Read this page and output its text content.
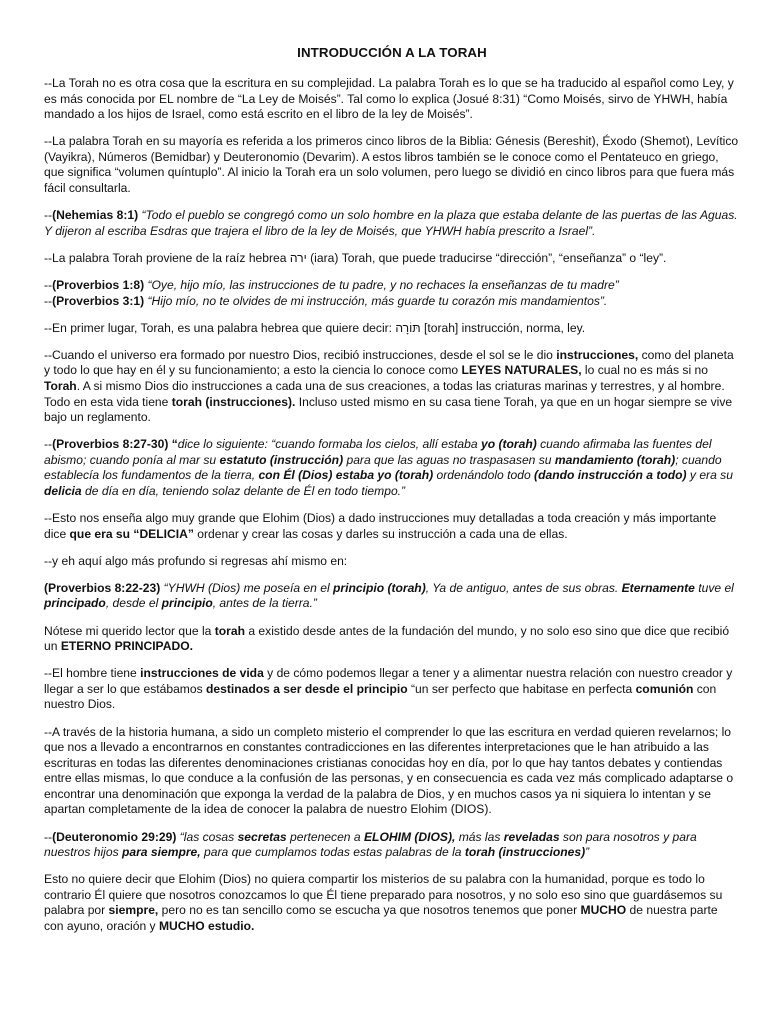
INTRODUCCIÓN A LA TORAH

--La Torah no es otra cosa que la escritura en su complejidad. La palabra Torah es lo que se ha traducido al español como Ley, y es más conocida por EL nombre de “La Ley de Moisés”. Tal como lo explica (Josué 8:31) “Como Moisés, sirvo de YHWH, había mandado a los hijos de Israel, como está escrito en el libro de la ley de Moisés”.

--La palabra Torah en su mayoría es referida a los primeros cinco libros de la Biblia: Génesis (Bereshit), Éxodo (Shemot), Levítico (Vayikra), Números (Bemidbar) y Deuteronomio (Devarim). A estos libros también se le conoce como el Pentateuco en griego, que significa “volumen quíntuplo”. Al inicio la Torah era un solo volumen, pero luego se dividió en cinco libros para que fuera más fácil consultarla.

--(Nehemias 8:1) “Todo el pueblo se congregó como un solo hombre en la plaza que estaba delante de las puertas de las Aguas. Y dijeron al escriba Esdras que trajera el libro de la ley de Moisés, que YHWH había prescrito a Israel”.

--La palabra Torah proviene de la raíz hebrea ירה (iara) Torah, que puede traducirse “dirección”, “enseñanza” o “ley”.

--(Proverbios 1:8) “Oye, hijo mío, las instrucciones de tu padre, y no rechaces la enseñanzas de tu madre”
--(Proverbios 3:1) “Hijo mío, no te olvides de mi instrucción, más guarde tu corazón mis mandamientos”.

--En primer lugar, Torah, es una palabra hebrea que quiere decir: תּוֹרָה [torah] instrucción, norma, ley.

--Cuando el universo era formado por nuestro Dios, recibió instrucciones, desde el sol se le dio instrucciones, como del planeta y todo lo que hay en él y su funcionamiento; a esto la ciencia lo conoce como LEYES NATURALES, lo cual no es más si no Torah. A si mismo Dios dio instrucciones a cada una de sus creaciones, a todas las criaturas marinas y terrestres, y al hombre. Todo en esta vida tiene torah (instrucciones). Incluso usted mismo en su casa tiene Torah, ya que en un hogar siempre se vive bajo un reglamento.

--(Proverbios 8:27-30) “dice lo siguiente: “cuando formaba los cielos, allí estaba yo (torah) cuando afirmaba las fuentes del abismo; cuando ponía al mar su estatuto (instrucción) para que las aguas no traspasasen su mandamiento (torah); cuando establecía los fundamentos de la tierra, con Él (Dios) estaba yo (torah) ordenándolo todo (dando instrucción a todo) y era su delicia de día en día, teniendo solaz delante de Él en todo tiempo.”

--Esto nos enseña algo muy grande que Elohim (Dios) a dado instrucciones muy detalladas a toda creación y más importante dice que era su “DELICIA” ordenar y crear las cosas y darles su instrucción a cada una de ellas.

--y eh aquí algo más profundo si regresas ahí mismo en:

(Proverbios 8:22-23) “YHWH (Dios) me poseía en el principio (torah), Ya de antiguo, antes de sus obras. Eternamente tuve el principado, desde el principio, antes de la tierra.”

Nótese mi querido lector que la torah a existido desde antes de la fundación del mundo, y no solo eso sino que dice que recibió un ETERNO PRINCIPADO.

--El hombre tiene instrucciones de vida y de cómo podemos llegar a tener y a alimentar nuestra relación con nuestro creador y llegar a ser lo que estábamos destinados a ser desde el principio “un ser perfecto que habitase en perfecta comunión con nuestro Dios.

--A través de la historia humana, a sido un completo misterio el comprender lo que las escritura en verdad quieren revelarnos; lo que nos a llevado a encontrarnos en constantes contradicciones en las diferentes interpretaciones que le han atribuido a las escrituras en todas las diferentes denominaciones cristianas conocidas hoy en día, por lo que hay tantos debates y contiendas entre ellas mismas, lo que conduce a la confusión de las personas, y en consecuencia es cada vez más complicado adaptarse o encontrar una denominación que exponga la verdad de la palabra de Dios, y en muchos casos ya ni siquiera lo intentan y se apartan completamente de la idea de conocer la palabra de nuestro Elohim (DIOS).

--(Deuteronomio 29:29) “las cosas secretas pertenecen a ELOHIM (DIOS), más las reveladas son para nosotros y para nuestros hijos para siempre, para que cumplamos todas estas palabras de la torah (instrucciones)”

Esto no quiere decir que Elohim (Dios) no quiera compartir los misterios de su palabra con la humanidad, porque es todo lo contrario Él quiere que nosotros conozcamos lo que Él tiene preparado para nosotros, y no solo eso sino que guardásemos su palabra por siempre, pero no es tan sencillo como se escucha ya que nosotros tenemos que poner MUCHO de nuestra parte con ayuno, oración y MUCHO estudio.
